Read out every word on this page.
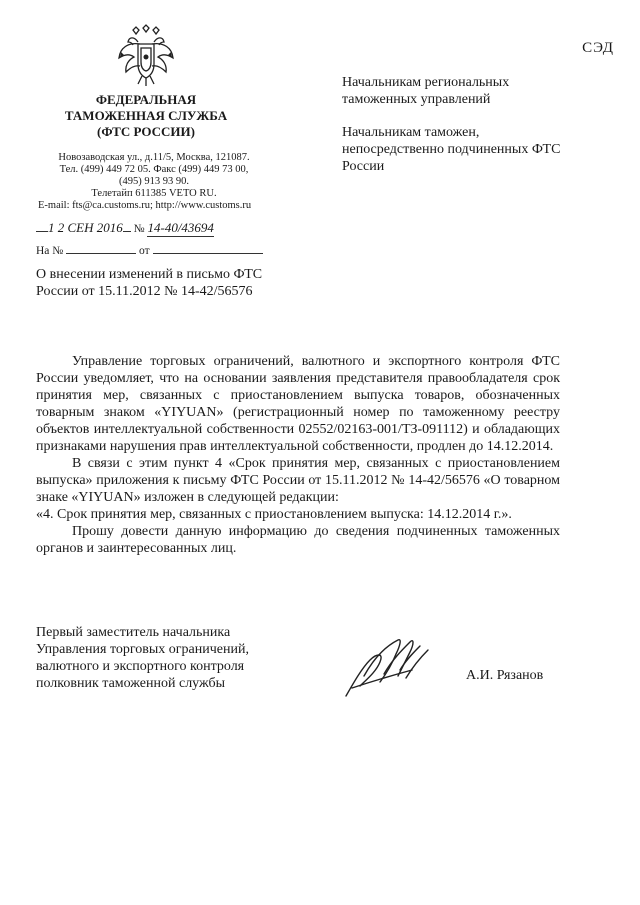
СЭД
ФЕДЕРАЛЬНАЯ
ТАМОЖЕННАЯ СЛУЖБА
(ФТС РОССИИ)
Новозаводская ул., д.11/5, Москва, 121087.
Тел. (499) 449 72 05. Факс (499) 449 73 00,
(495) 913 93 90.
Телетайп 611385 VETO RU.
E-mail: fts@ca.customs.ru; http://www.customs.ru
1 2 СЕН 2016 № 14-40/43694
На №	от
О внесении изменений в письмо ФТС России от 15.11.2012 № 14-42/56576
Начальникам региональных таможенных управлений
Начальникам таможен, непосредственно подчиненных ФТС России

Управление торговых ограничений, валютного и экспортного контроля ФТС России уведомляет, что на основании заявления представителя правообладателя срок принятия мер, связанных с приостановлением выпуска товаров, обозначенных товарным знаком «YIYUAN» (регистрационный номер по таможенному реестру объектов интеллектуальной собственности 02552/02163-001/ТЗ-091112) и обладающих признаками нарушения прав интеллектуальной собственности, продлен до 14.12.2014.

В связи с этим пункт 4 «Срок принятия мер, связанных с приостановлением выпуска» приложения к письму ФТС России от 15.11.2012 № 14-42/56576 «О товарном знаке «YIYUAN» изложен в следующей редакции:

«4. Срок принятия мер, связанных с приостановлением выпуска: 14.12.2014 г.».

Прошу довести данную информацию до сведения подчиненных таможенных органов и заинтересованных лиц.

Первый заместитель начальника Управления торговых ограничений, валютного и экспортного контроля полковник таможенной службы
А.И. Рязанов
